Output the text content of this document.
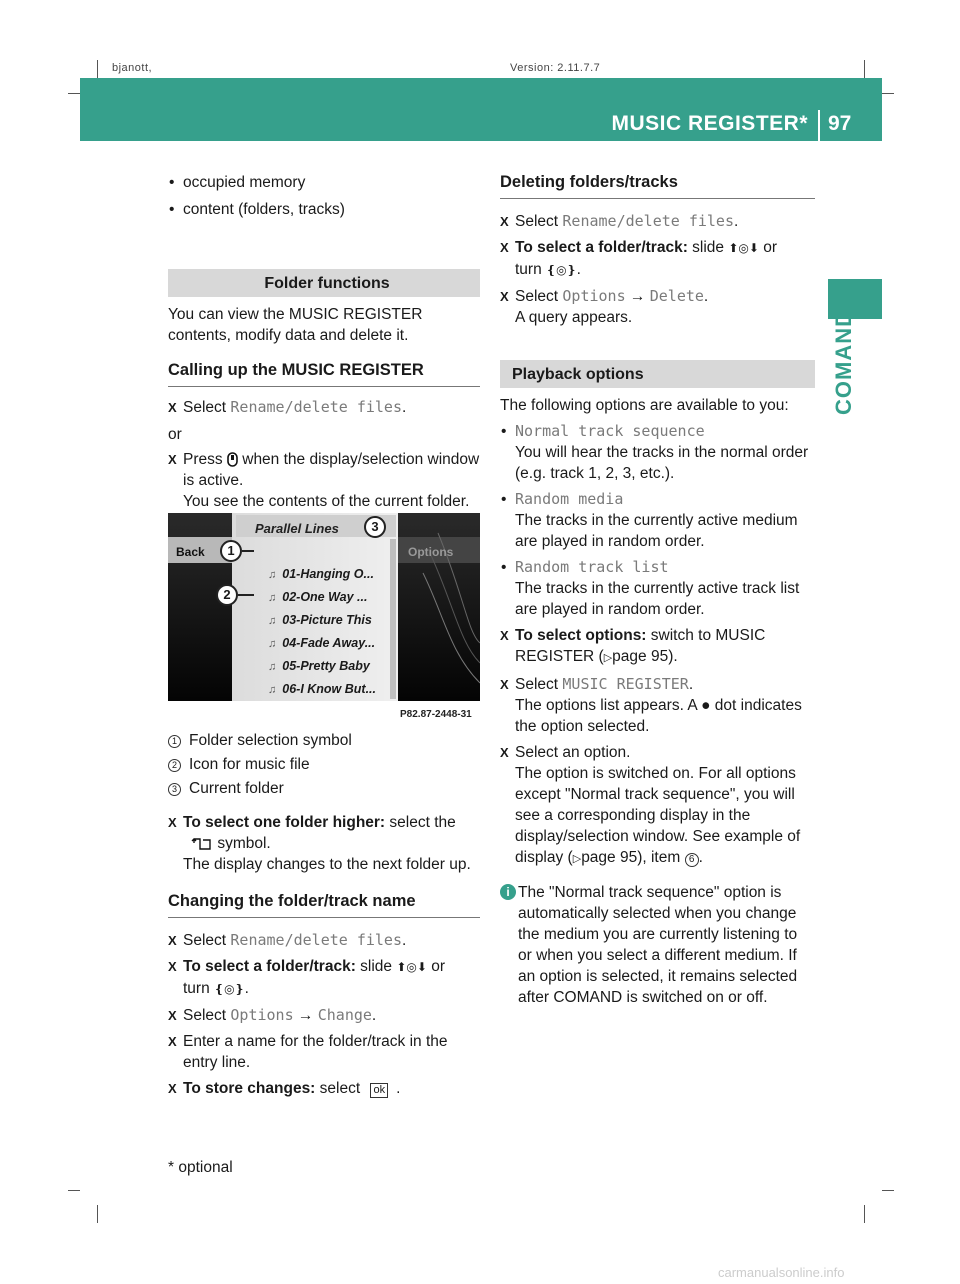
bjanott,	Version: 2.11.7.7
MUSIC REGISTER* 97
COMAND
• occupied memory
• content (folders, tracks)
Folder functions
You can view the MUSIC REGISTER contents, modify data and delete it.
Calling up the MUSIC REGISTER
X Select Rename/delete files.
or
X Press  when the display/selection window is active.
You see the contents of the current folder.
Parallel Lines
Back	Options
♫ 01-Hanging O...
♫ 02-One Way ...
♫ 03-Picture This
♫ 04-Fade Away...
♫ 05-Pretty Baby
♫ 06-I Know But...
1
2
3
P82.87-2448-31
1 Folder selection symbol
2 Icon for music file
3 Current folder
X To select one folder higher: select the
symbol.
The display changes to the next folder up.
Changing the folder/track name
X Select Rename/delete files.
X To select a folder/track: slide ⬆◎⬇ or
turn ❴◎❵.
X Select Options → Change.
X Enter a name for the folder/track in the entry line.
X To store changes: select ok .
* optional
Deleting folders/tracks
X Select Rename/delete files.
X To select a folder/track: slide ⬆◎⬇ or
turn ❴◎❵.
X Select Options → Delete.
A query appears.
Playback options
The following options are available to you:
• Normal track sequence
You will hear the tracks in the normal order (e.g. track 1, 2, 3, etc.).
• Random media
The tracks in the currently active medium are played in random order.
• Random track list
The tracks in the currently active track list are played in random order.
X To select options: switch to MUSIC REGISTER (▷page 95).
X Select MUSIC REGISTER.
The options list appears. A ● dot indicates the option selected.
X Select an option.
The option is switched on. For all options except "Normal track sequence", you will see a corresponding display in the display/selection window. See example of display (▷page 95), item 6 .
i The "Normal track sequence" option is automatically selected when you change the medium you are currently listening to or when you select a different medium. If an option is selected, it remains selected after COMAND is switched on or off.
carmanualsonline.info
